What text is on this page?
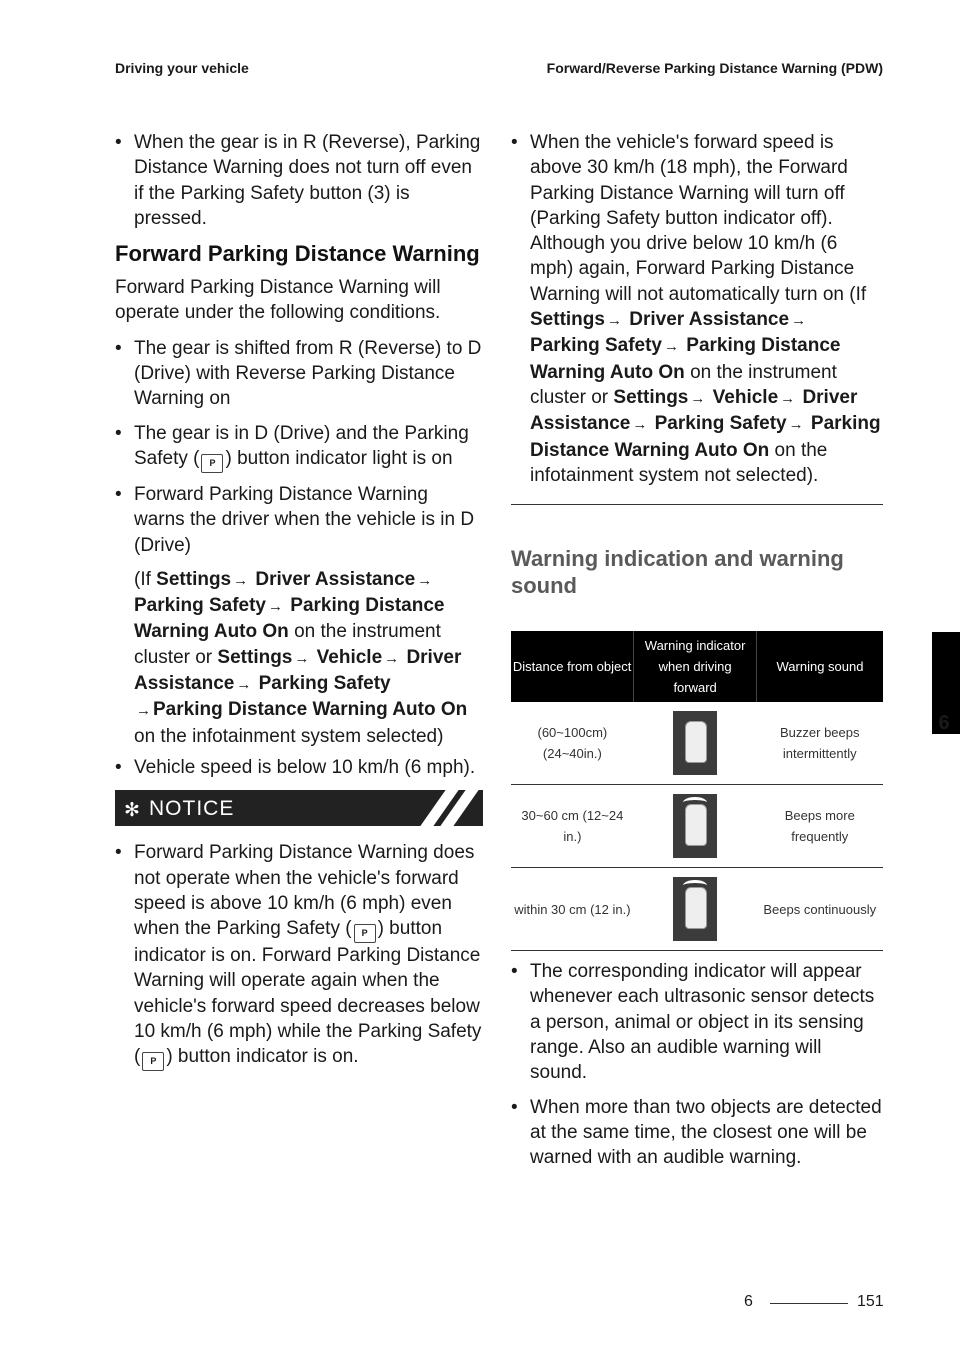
Driving your vehicle	Forward/Reverse Parking Distance Warning (PDW)
• When the gear is in R (Reverse), Parking Distance Warning does not turn off even if the Parking Safety button (3) is pressed.
Forward Parking Distance Warning

Forward Parking Distance Warning will operate under the following conditions.

• The gear is shifted from R (Reverse) to D (Drive) with Reverse Parking Distance Warning on
• The gear is in D (Drive) and the Parking Safety ( P ) button indicator light is on
• Forward Parking Distance Warning warns the driver when the vehicle is in D (Drive)

(If Settings → Driver Assistance → Parking Safety → Parking Distance Warning Auto On on the instrument cluster or Settings → Vehicle → Driver Assistance → Parking Safety → Parking Distance Warning Auto On on the infotainment system selected)

• Vehicle speed is below 10 km/h (6 mph).
✻ NOTICE
• Forward Parking Distance Warning does not operate when the vehicle's forward speed is above 10 km/h (6 mph) even when the Parking Safety ( P ) button indicator is on. Forward Parking Distance Warning will operate again when the vehicle's forward speed decreases below 10 km/h (6 mph) while the Parking Safety ( P ) button indicator is on.
• When the vehicle's forward speed is above 30 km/h (18 mph), the Forward Parking Distance Warning will turn off (Parking Safety button indicator off). Although you drive below 10 km/h (6 mph) again, Forward Parking Distance Warning will not automatically turn on (If Settings → Driver Assistance → Parking Safety → Parking Distance Warning Auto On on the instrument cluster or Settings → Vehicle → Driver Assistance → Parking Safety → Parking Distance Warning Auto On on the infotainment system not selected).
Warning indication and warning sound
Distance from object	Warning indicator when driving forward	Warning sound
(60~100cm) (24~40in.)		Buzzer beeps intermittently
30~60 cm (12~24 in.)		Beeps more frequently
within 30 cm (12 in.)		Beeps continuously
• The corresponding indicator will appear whenever each ultrasonic sensor detects a person, animal or object in its sensing range. Also an audible warning will sound.
• When more than two objects are detected at the same time, the closest one will be warned with an audible warning.
6
6	151
